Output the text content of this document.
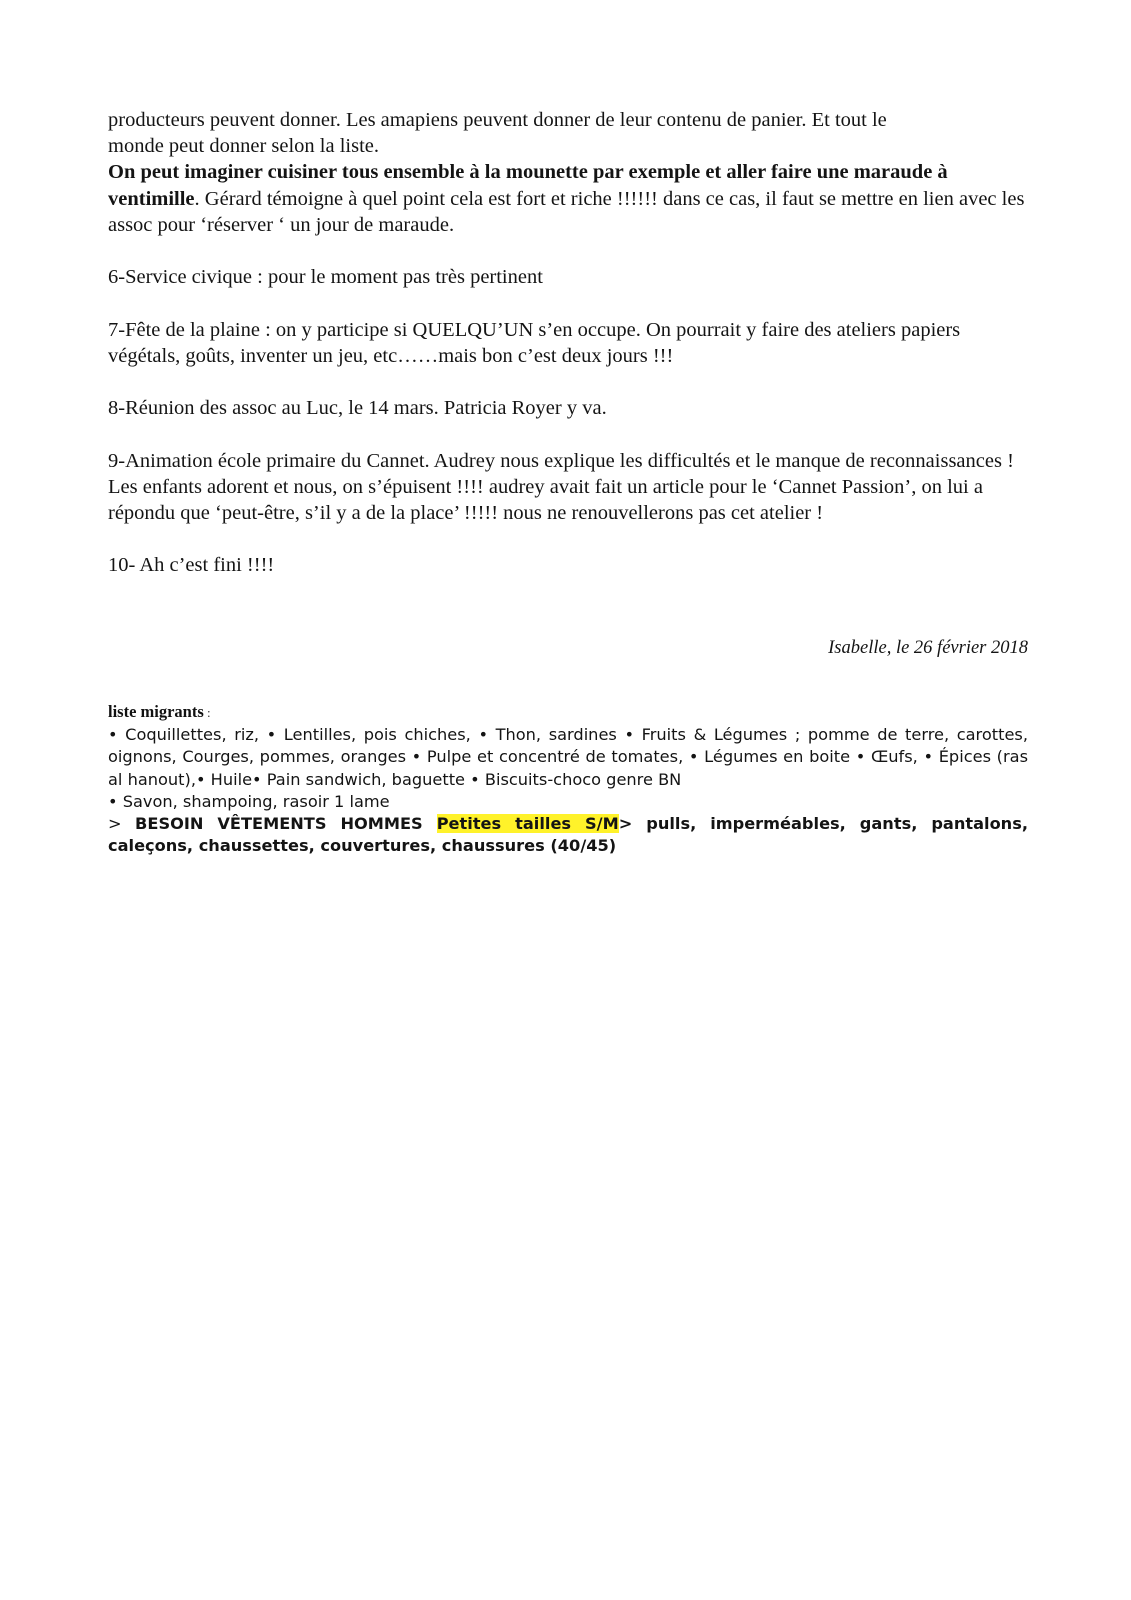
producteurs peuvent donner. Les amapiens peuvent donner de leur contenu de panier. Et tout le
monde peut donner selon la liste.

On peut imaginer cuisiner tous ensemble à la mounette par exemple et aller faire une maraude à ventimille. Gérard témoigne à quel point cela est fort et riche !!!!!! dans ce cas, il faut se mettre en lien avec les assoc pour ‘réserver ‘ un jour de maraude.

6-Service civique : pour le moment pas très pertinent

7-Fête de la plaine : on y participe si QUELQU’UN s’en occupe. On pourrait y faire des ateliers papiers végétals, goûts, inventer un jeu, etc……mais bon c’est deux jours !!!

8-Réunion des assoc au Luc, le 14 mars. Patricia Royer y va.

9-Animation école primaire du Cannet. Audrey nous explique les difficultés et le manque de reconnaissances ! Les enfants adorent et nous, on s’épuisent !!!! audrey avait fait un article pour le ‘Cannet Passion’, on lui a répondu que ‘peut-être, s’il y a de la place’ !!!!! nous ne renouvellerons pas cet atelier !

10- Ah c’est fini !!!!

Isabelle, le 26 février 2018
liste migrants :
• Coquillettes, riz, • Lentilles, pois chiches, • Thon, sardines • Fruits & Légumes ; pomme de terre, carottes, oignons, Courges, pommes, oranges • Pulpe et concentré de tomates, • Légumes en boite • Œufs, • Épices (ras al hanout),• Huile• Pain sandwich, baguette • Biscuits-choco genre BN
• Savon, shampoing, rasoir 1 lame
> BESOIN VÊTEMENTS HOMMES Petites tailles S/M> pulls, imperméables, gants, pantalons, caleçons, chaussettes, couvertures, chaussures (40/45)
